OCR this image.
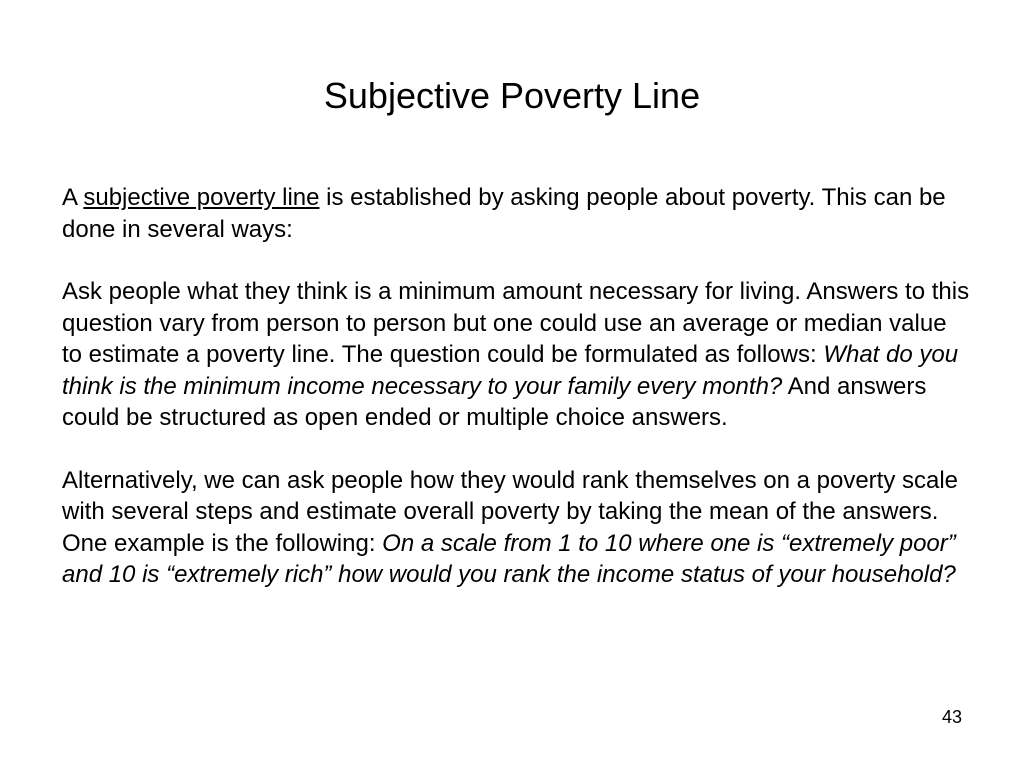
Subjective Poverty Line

A subjective poverty line is established by asking people about poverty. This can be done in several ways:

Ask people what they think is a minimum amount necessary for living. Answers to this question vary from person to person but one could use an average or median value to estimate a poverty line. The question could be formulated as follows: What do you think is the minimum income necessary to your family every month? And answers could be structured as open ended or multiple choice answers.

Alternatively, we can ask people how they would rank themselves on a poverty scale with several steps and estimate overall poverty by taking the mean of the answers. One example is the following: On a scale from 1 to 10 where one is “extremely poor” and 10 is “extremely rich” how would you rank the income status of your household?

43
